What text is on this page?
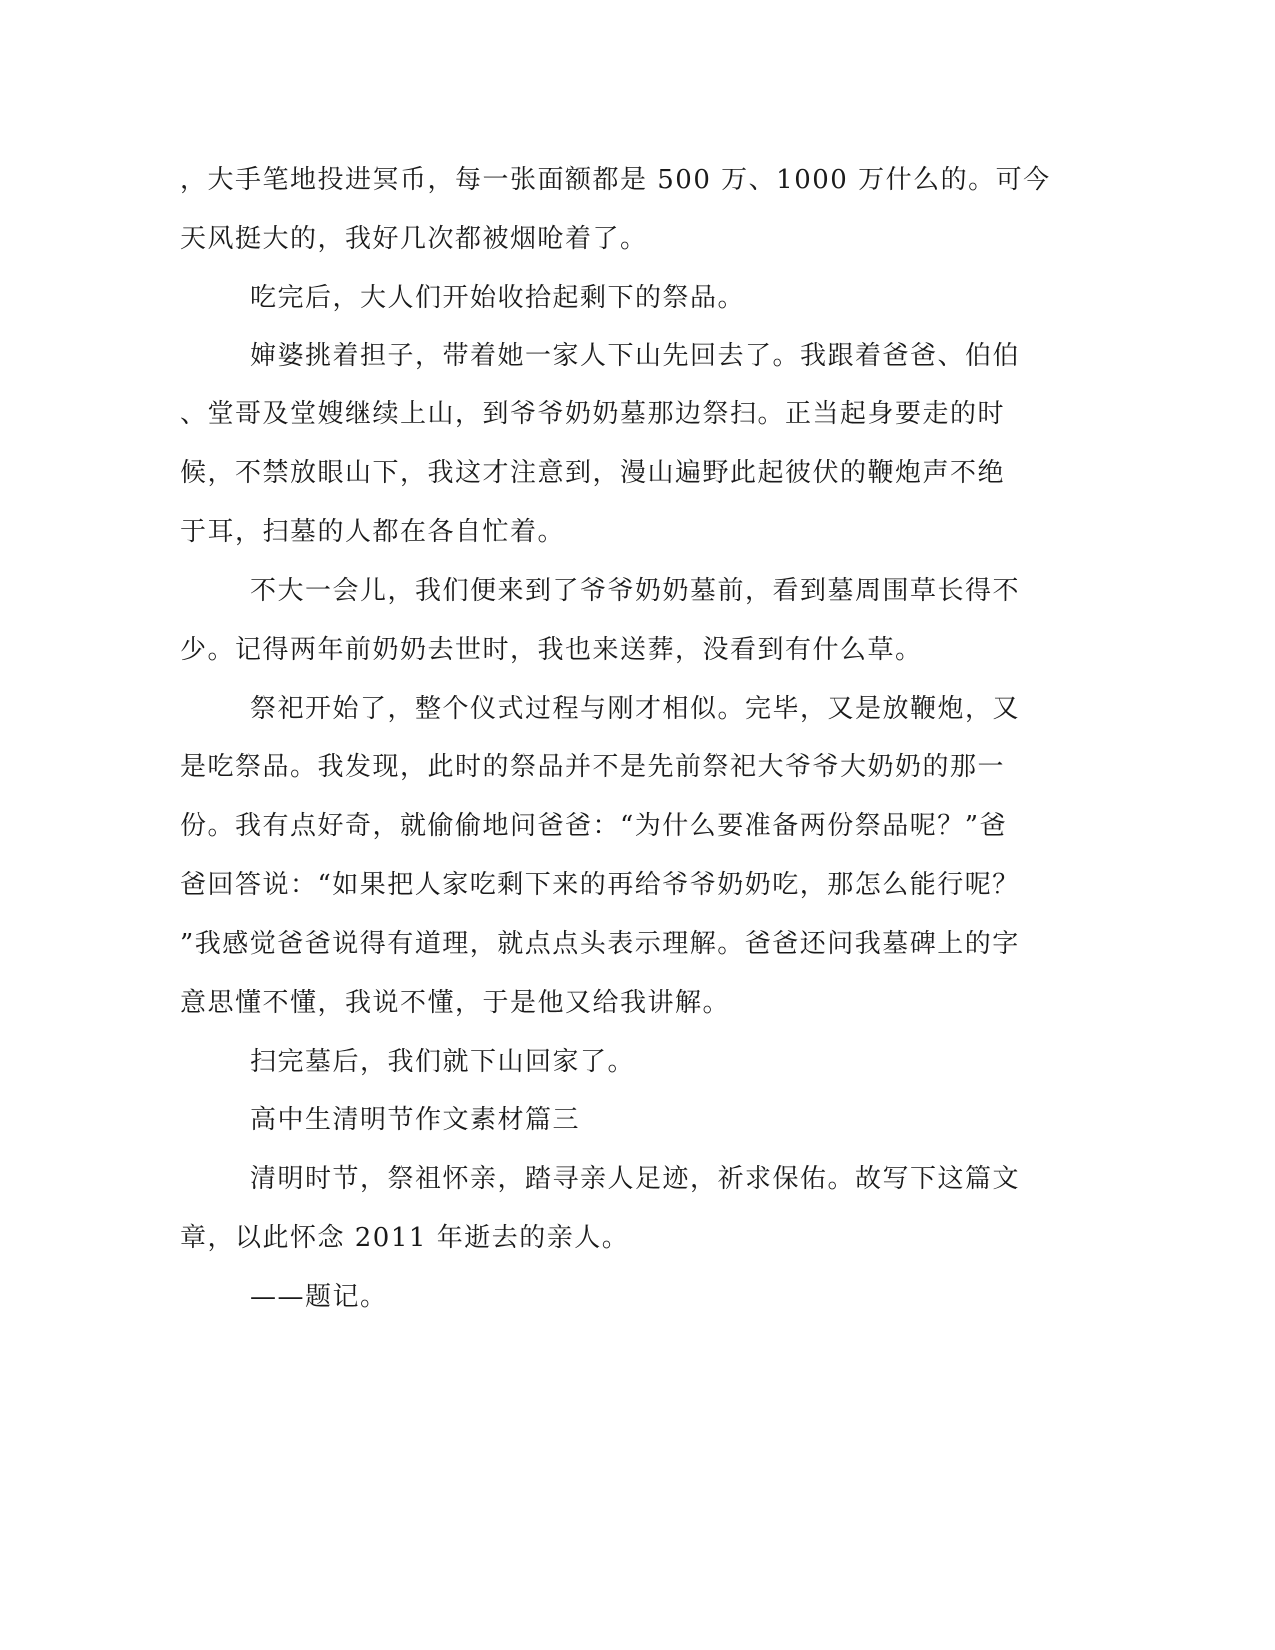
，大手笔地投进冥币，每一张面额都是 500 万、1000 万什么的。可今

天风挺大的，我好几次都被烟呛着了。

吃完后，大人们开始收拾起剩下的祭品。

婶婆挑着担子，带着她一家人下山先回去了。我跟着爸爸、伯伯

、堂哥及堂嫂继续上山，到爷爷奶奶墓那边祭扫。正当起身要走的时

候，不禁放眼山下，我这才注意到，漫山遍野此起彼伏的鞭炮声不绝

于耳，扫墓的人都在各自忙着。

不大一会儿，我们便来到了爷爷奶奶墓前，看到墓周围草长得不

少。记得两年前奶奶去世时，我也来送葬，没看到有什么草。

祭祀开始了，整个仪式过程与刚才相似。完毕，又是放鞭炮，又

是吃祭品。我发现，此时的祭品并不是先前祭祀大爷爷大奶奶的那一

份。我有点好奇，就偷偷地问爸爸：“为什么要准备两份祭品呢？”爸

爸回答说：“如果把人家吃剩下来的再给爷爷奶奶吃，那怎么能行呢？

”我感觉爸爸说得有道理，就点点头表示理解。爸爸还问我墓碑上的字

意思懂不懂，我说不懂，于是他又给我讲解。

扫完墓后，我们就下山回家了。

高中生清明节作文素材篇三

清明时节，祭祖怀亲，踏寻亲人足迹，祈求保佑。故写下这篇文

章，以此怀念 2011 年逝去的亲人。

——题记。
